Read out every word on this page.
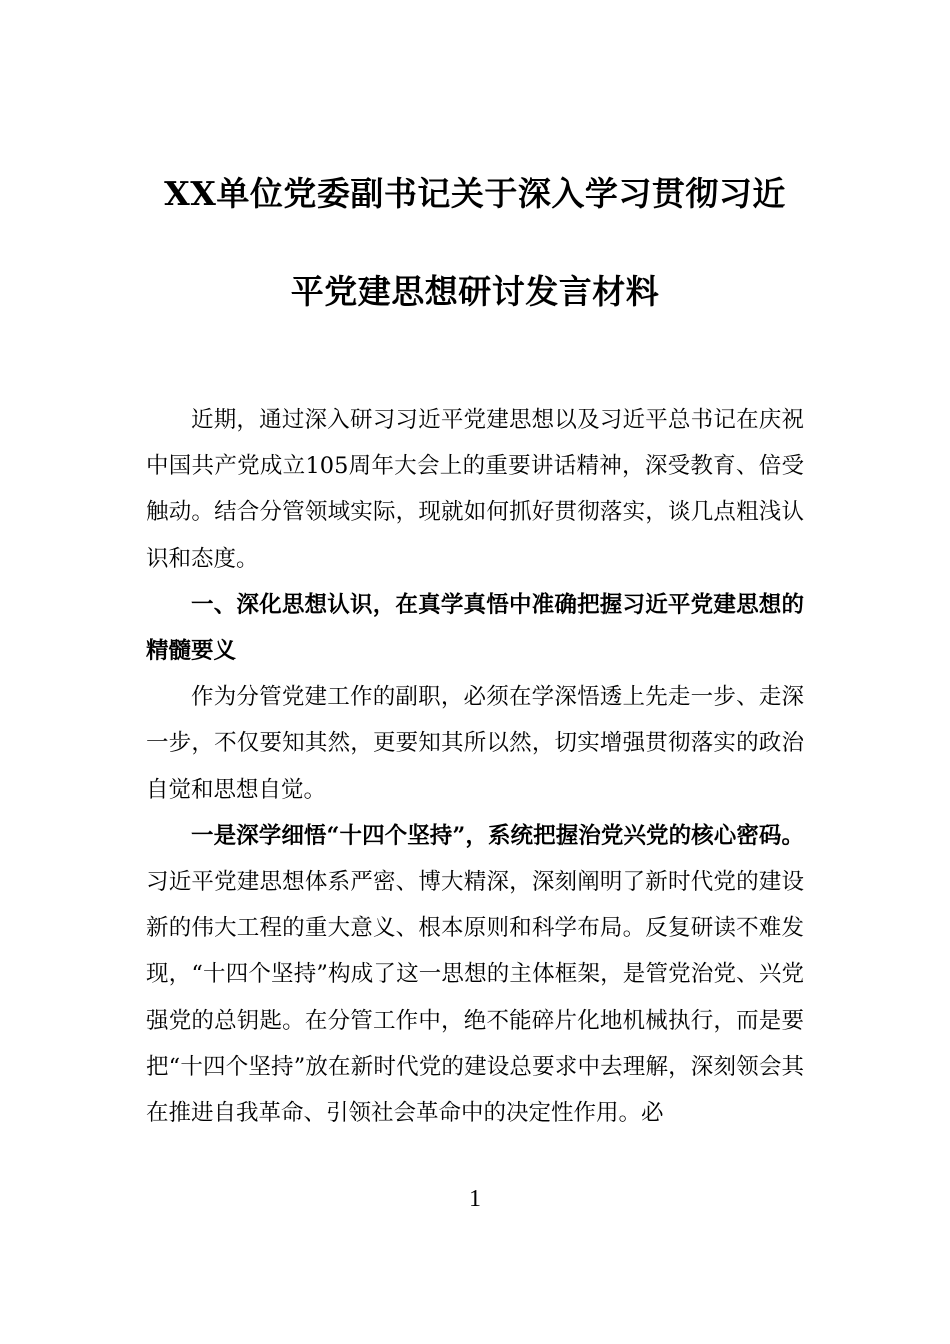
XX单位党委副书记关于深入学习贯彻习近
平党建思想研讨发言材料

近期，通过深入研习习近平党建思想以及习近平总书记在庆祝中国共产党成立105周年大会上的重要讲话精神，深受教育、倍受触动。结合分管领域实际，现就如何抓好贯彻落实，谈几点粗浅认识和态度。

一、深化思想认识，在真学真悟中准确把握习近平党建思想的精髓要义

作为分管党建工作的副职，必须在学深悟透上先走一步、走深一步，不仅要知其然，更要知其所以然，切实增强贯彻落实的政治自觉和思想自觉。

一是深学细悟“十四个坚持”，系统把握治党兴党的核心密码。习近平党建思想体系严密、博大精深，深刻阐明了新时代党的建设新的伟大工程的重大意义、根本原则和科学布局。反复研读不难发现，“十四个坚持”构成了这一思想的主体框架，是管党治党、兴党强党的总钥匙。在分管工作中，绝不能碎片化地机械执行，而是要把“十四个坚持”放在新时代党的建设总要求中去理解，深刻领会其在推进自我革命、引领社会革命中的决定性作用。必

1
